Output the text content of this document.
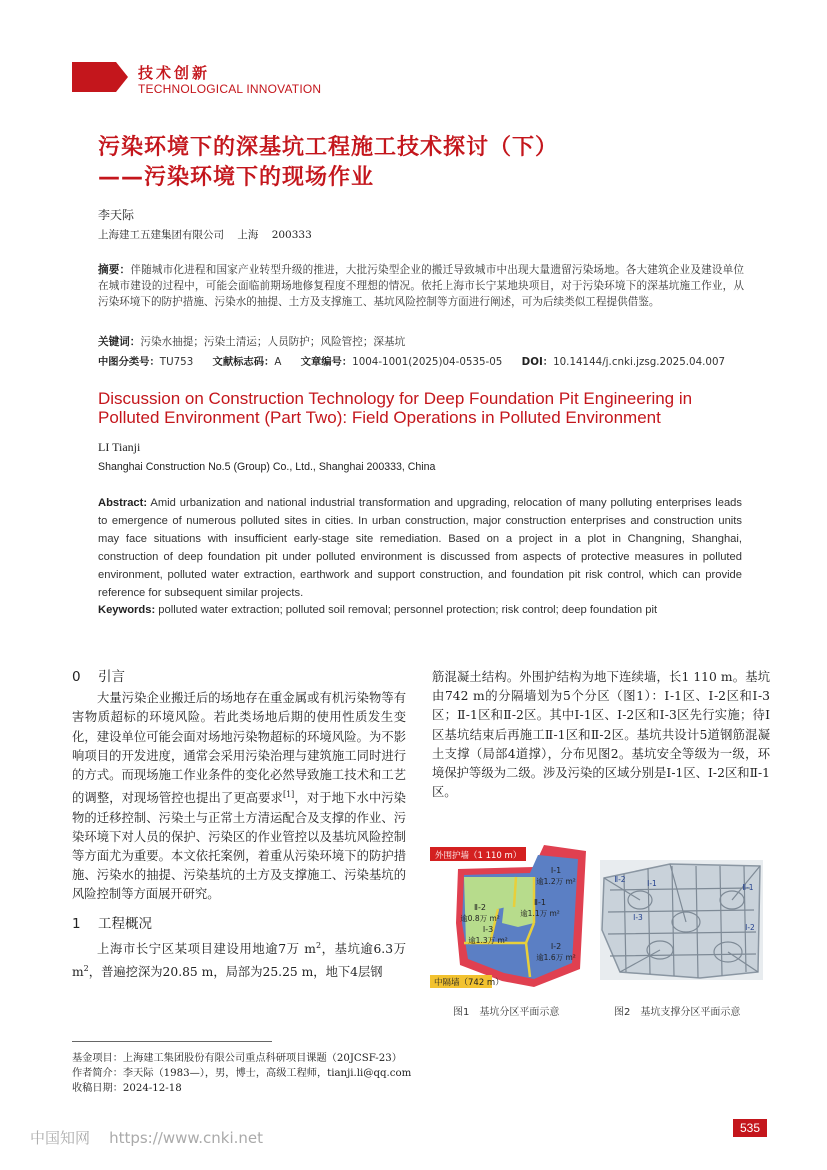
技术创新
TECHNOLOGICAL INNOVATION
污染环境下的深基坑工程施工技术探讨（下）
——污染环境下的现场作业
李天际
上海建工五建集团有限公司    上海    200333
摘要：伴随城市化进程和国家产业转型升级的推进，大批污染型企业的搬迁导致城市中出现大量遗留污染场地。各大建筑企业及建设单位在城市建设的过程中，可能会面临前期场地修复程度不理想的情况。依托上海市长宁某地块项目，对于污染环境下的深基坑施工作业，从污染环境下的防护措施、污染水的抽提、土方及支撑施工、基坑风险控制等方面进行阐述，可为后续类似工程提供借鉴。
关键词：污染水抽提；污染土清运；人员防护；风险管控；深基坑
中图分类号：TU753 文献标志码：A 文章编号：1004-1001(2025)04-0535-05 DOI：10.14144/j.cnki.jzsg.2025.04.007
Discussion on Construction Technology for Deep Foundation Pit Engineering in Polluted Environment (Part Two): Field Operations in Polluted Environment
LI Tianji
Shanghai Construction No.5 (Group) Co., Ltd., Shanghai 200333, China
Abstract: Amid urbanization and national industrial transformation and upgrading, relocation of many polluting enterprises leads to emergence of numerous polluted sites in cities. In urban construction, major construction enterprises and construction units may face situations with insufficient early-stage site remediation. Based on a project in a plot in Changning, Shanghai, construction of deep foundation pit under polluted environment is discussed from aspects of protective measures in polluted environment, polluted water extraction, earthwork and support construction, and foundation pit risk control, which can provide reference for subsequent similar projects.
Keywords: polluted water extraction; polluted soil removal; personnel protection; risk control; deep foundation pit
0 引言
大量污染企业搬迁后的场地存在重金属或有机污染物等有害物质超标的环境风险。若此类场地后期的使用性质发生变化，建设单位可能会面对场地污染物超标的环境风险。为不影响项目的开发进度，通常会采用污染治理与建筑施工同时进行的方式。而现场施工作业条件的变化必然导致施工技术和工艺的调整，对现场管控也提出了更高要求[1]，对于地下水中污染物的迁移控制、污染土与正常土方清运配合及支撑的作业、污染环境下对人员的保护、污染区的作业管控以及基坑风险控制等方面尤为重要。本文依托案例，着重从污染环境下的防护措施、污染水的抽提、污染基坑的土方及支撑施工、污染基坑的风险控制等方面展开研究。
1 工程概况
上海市长宁区某项目建设用地逾7万 $m^2$，基坑逾6.3万 $m^2$，普遍挖深为20.85 m，局部为25.25 m，地下4层钢
筋混凝土结构。外围护结构为地下连续墙，长1 110 m。基坑由742 m的分隔墙划为5个分区（图1）：Ⅰ-1区、Ⅰ-2区和Ⅰ-3区；Ⅱ-1区和Ⅱ-2区。其中Ⅰ-1区、Ⅰ-2区和Ⅰ-3区先行实施；待Ⅰ区基坑结束后再施工Ⅱ-1区和Ⅱ-2区。基坑共设计5道钢筋混凝土支撑（局部4道撑），分布见图2。基坑安全等级为一级，环境保护等级为二级。涉及污染的区域分别是Ⅰ-1区、Ⅰ-2区和Ⅱ-1区。
外围护墙（1 110 m）
中隔墙（742 m）
Ⅰ-1
逾1.2万 m²
Ⅱ-2
逾0.8万 m²
Ⅱ-1
逾1.1万 m²
Ⅰ-3
逾1.3万 m²
Ⅰ-2
逾1.6万 m²
图1　基坑分区平面示意
Ⅱ-2	Ⅰ-1
Ⅰ-3
Ⅱ-1
Ⅰ-2
图2　基坑支撑分区平面示意
基金项目：上海建工集团股份有限公司重点科研项目课题（20JCSF-23）
作者简介：李天际（1983—），男，博士，高级工程师，tianji.li@qq.com
收稿日期：2024-12-18
中国知网    https://www.cnki.net
535
